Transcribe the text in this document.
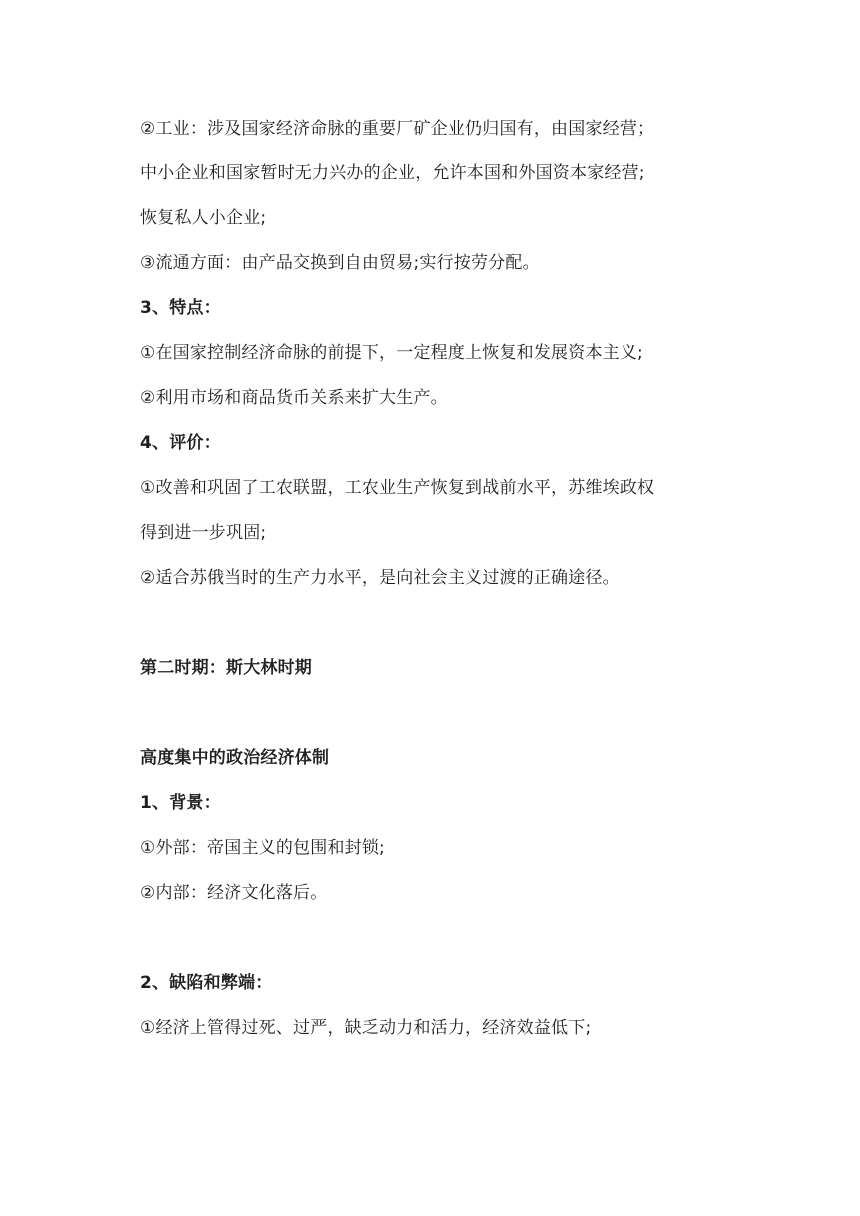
②工业：涉及国家经济命脉的重要厂矿企业仍归国有，由国家经营；
中小企业和国家暂时无力兴办的企业，允许本国和外国资本家经营;
恢复私人小企业;
③流通方面：由产品交换到自由贸易;实行按劳分配。
3、特点：
①在国家控制经济命脉的前提下，一定程度上恢复和发展资本主义;
②利用市场和商品货币关系来扩大生产。
4、评价：
①改善和巩固了工农联盟，工农业生产恢复到战前水平，苏维埃政权
得到进一步巩固;
②适合苏俄当时的生产力水平，是向社会主义过渡的正确途径。
第二时期：斯大林时期
高度集中的政治经济体制
1、背景：
①外部：帝国主义的包围和封锁;
②内部：经济文化落后。
2、缺陷和弊端：
①经济上管得过死、过严，缺乏动力和活力，经济效益低下;
